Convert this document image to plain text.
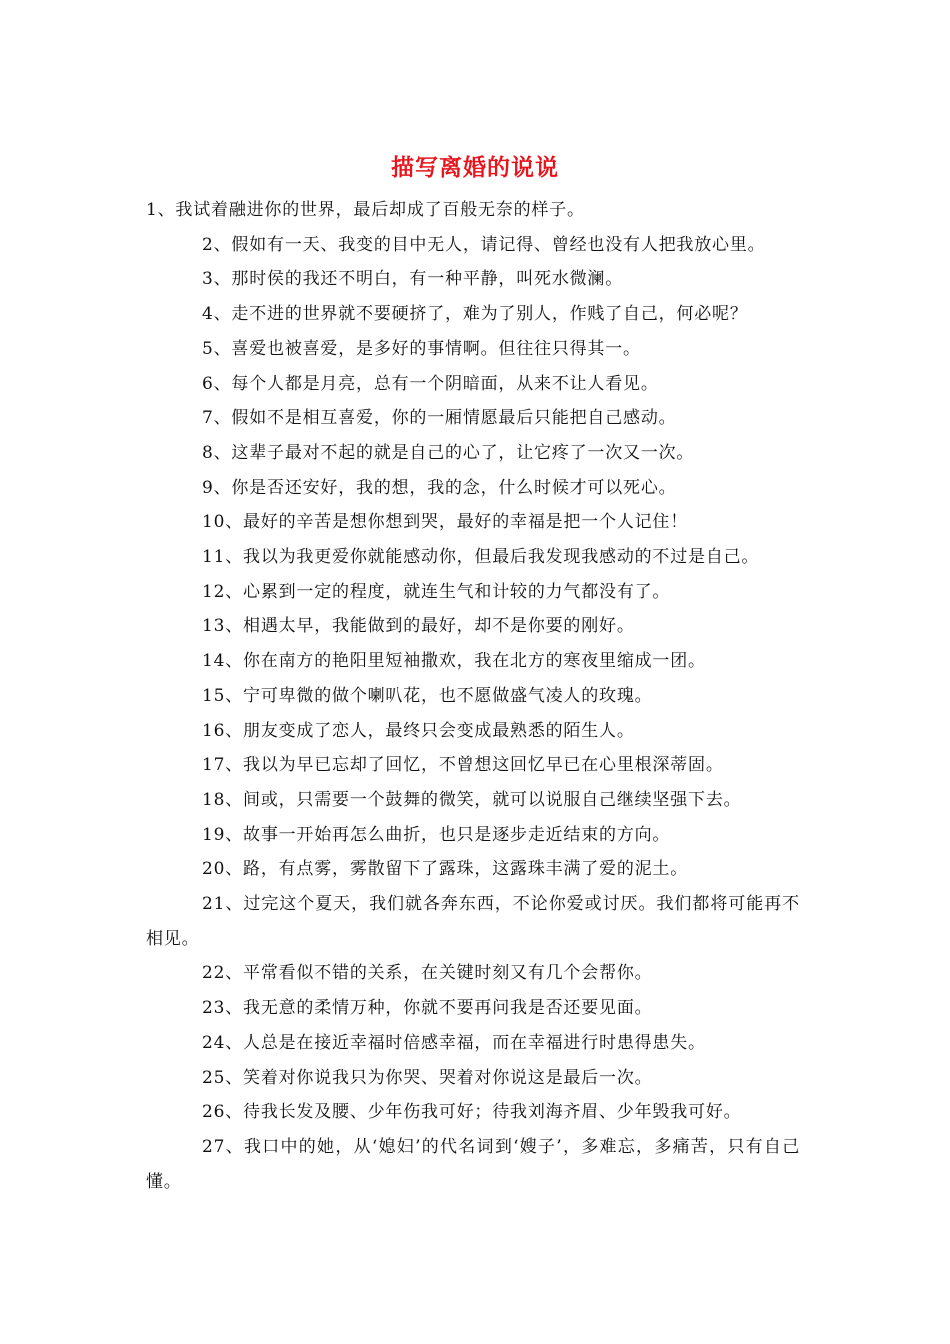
描写离婚的说说

1、我试着融进你的世界，最后却成了百般无奈的样子。

2、假如有一天、我变的目中无人，请记得、曾经也没有人把我放心里。

3、那时侯的我还不明白，有一种平静，叫死水微澜。

4、走不进的世界就不要硬挤了，难为了别人，作贱了自己，何必呢？

5、喜爱也被喜爱，是多好的事情啊。但往往只得其一。

6、每个人都是月亮，总有一个阴暗面，从来不让人看见。

7、假如不是相互喜爱，你的一厢情愿最后只能把自己感动。

8、这辈子最对不起的就是自己的心了，让它疼了一次又一次。

9、你是否还安好，我的想，我的念，什么时候才可以死心。

10、最好的辛苦是想你想到哭，最好的幸福是把一个人记住！

11、我以为我更爱你就能感动你，但最后我发现我感动的不过是自己。

12、心累到一定的程度，就连生气和计较的力气都没有了。

13、相遇太早，我能做到的最好，却不是你要的刚好。

14、你在南方的艳阳里短袖撒欢，我在北方的寒夜里缩成一团。

15、宁可卑微的做个喇叭花，也不愿做盛气凌人的玫瑰。

16、朋友变成了恋人，最终只会变成最熟悉的陌生人。

17、我以为早已忘却了回忆，不曾想这回忆早已在心里根深蒂固。

18、间或，只需要一个鼓舞的微笑，就可以说服自己继续坚强下去。

19、故事一开始再怎么曲折，也只是逐步走近结束的方向。

20、路，有点雾，雾散留下了露珠，这露珠丰满了爱的泥土。

21、过完这个夏天，我们就各奔东西，不论你爱或讨厌。我们都将可能再不相见。

22、平常看似不错的关系，在关键时刻又有几个会帮你。

23、我无意的柔情万种，你就不要再问我是否还要见面。

24、人总是在接近幸福时倍感幸福，而在幸福进行时患得患失。

25、笑着对你说我只为你哭、哭着对你说这是最后一次。

26、待我长发及腰、少年伤我可好；待我刘海齐眉、少年毁我可好。

27、我口中的她，从‘媳妇’的代名词到‘嫂子’，多难忘，多痛苦，只有自己懂。
